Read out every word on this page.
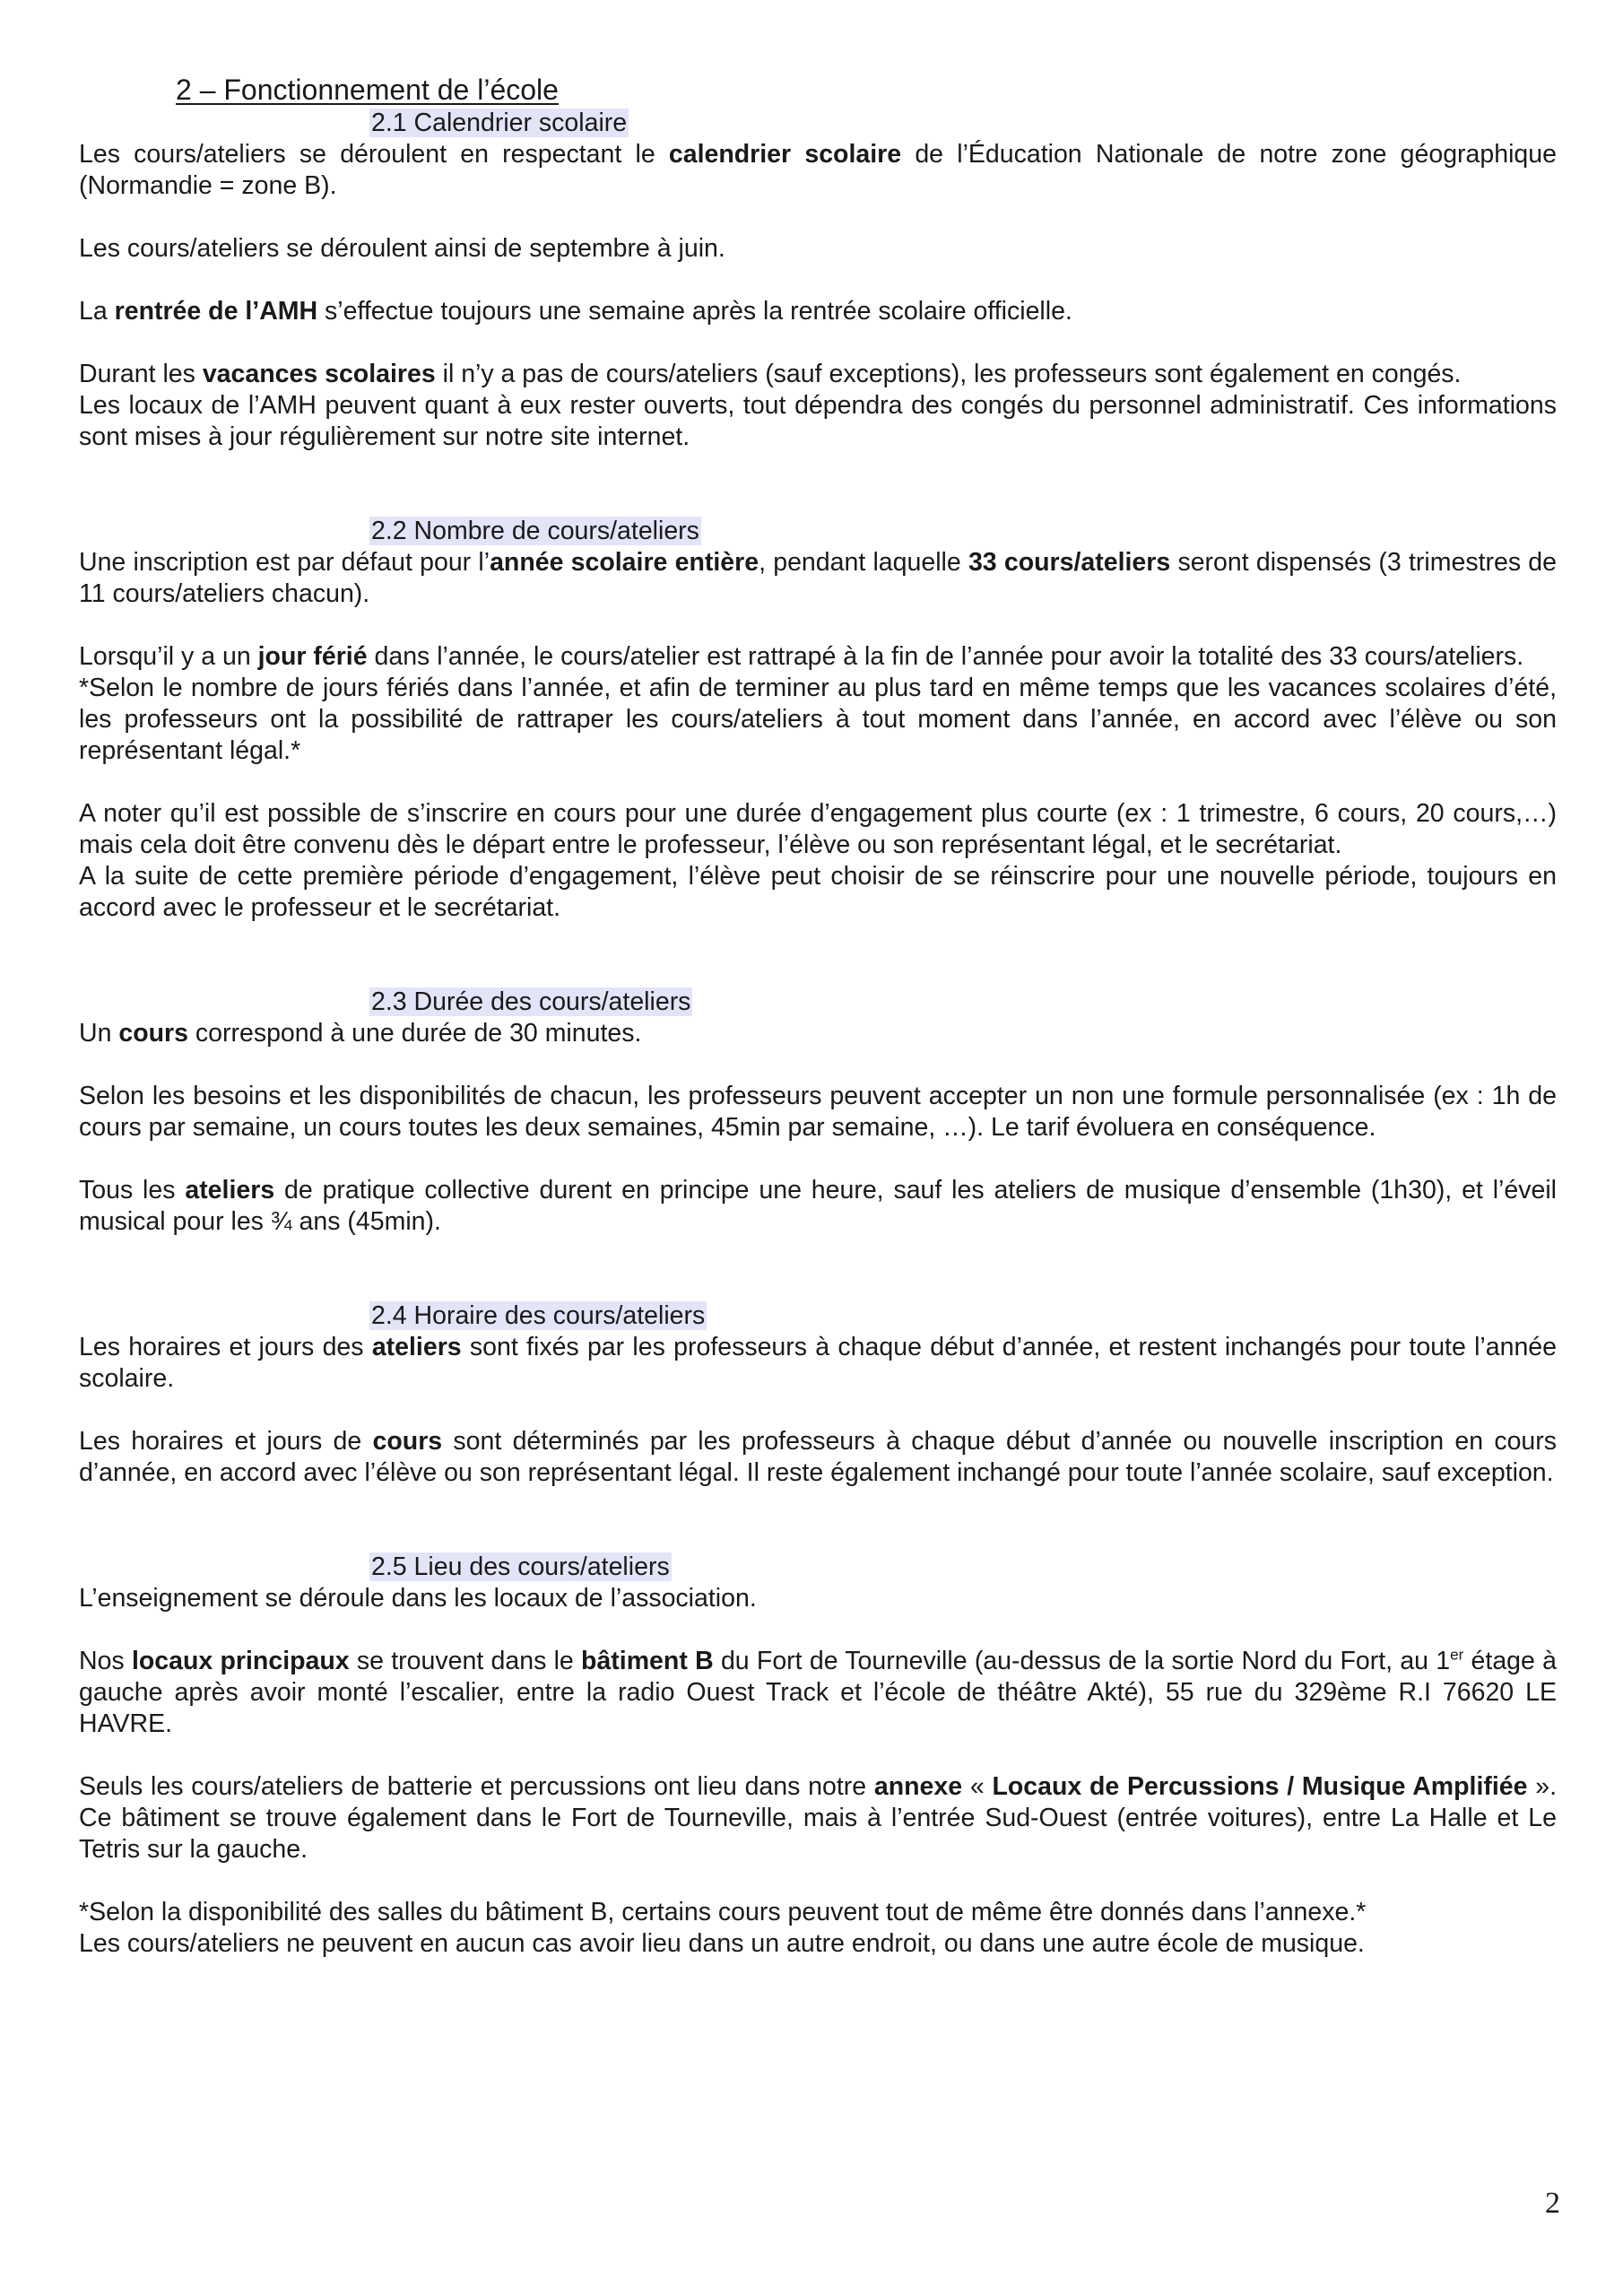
2 – Fonctionnement de l’école
2.1 Calendrier scolaire

Les cours/ateliers se déroulent en respectant le calendrier scolaire de l’Éducation Nationale de notre zone géographique (Normandie = zone B).

Les cours/ateliers se déroulent ainsi de septembre à juin.

La rentrée de l’AMH s’effectue toujours une semaine après la rentrée scolaire officielle.

Durant les vacances scolaires il n’y a pas de cours/ateliers (sauf exceptions), les professeurs sont également en congés.

Les locaux de l’AMH peuvent quant à eux rester ouverts, tout dépendra des congés du personnel administratif. Ces informations sont mises à jour régulièrement sur notre site internet.

2.2 Nombre de cours/ateliers

Une inscription est par défaut pour l’année scolaire entière, pendant laquelle 33 cours/ateliers seront dispensés (3 trimestres de 11 cours/ateliers chacun).

Lorsqu’il y a un jour férié dans l’année, le cours/atelier est rattrapé à la fin de l’année pour avoir la totalité des 33 cours/ateliers.

*Selon le nombre de jours fériés dans l’année, et afin de terminer au plus tard en même temps que les vacances scolaires d’été, les professeurs ont la possibilité de rattraper les cours/ateliers à tout moment dans l’année, en accord avec l’élève ou son représentant légal.*

A noter qu’il est possible de s’inscrire en cours pour une durée d’engagement plus courte (ex : 1 trimestre, 6 cours, 20 cours,…) mais cela doit être convenu dès le départ entre le professeur, l’élève ou son représentant légal, et le secrétariat.

A la suite de cette première période d’engagement, l’élève peut choisir de se réinscrire pour une nouvelle période, toujours en accord avec le professeur et le secrétariat.

2.3 Durée des cours/ateliers

Un cours correspond à une durée de 30 minutes.

Selon les besoins et les disponibilités de chacun, les professeurs peuvent accepter un non une formule personnalisée (ex : 1h de cours par semaine, un cours toutes les deux semaines, 45min par semaine, …). Le tarif évoluera en conséquence.

Tous les ateliers de pratique collective durent en principe une heure, sauf les ateliers de musique d’ensemble (1h30), et l’éveil musical pour les ¾ ans (45min).

2.4 Horaire des cours/ateliers

Les horaires et jours des ateliers sont fixés par les professeurs à chaque début d’année, et restent inchangés pour toute l’année scolaire.

Les horaires et jours de cours sont déterminés par les professeurs à chaque début d’année ou nouvelle inscription en cours d’année, en accord avec l’élève ou son représentant légal. Il reste également inchangé pour toute l’année scolaire, sauf exception.

2.5 Lieu des cours/ateliers

L’enseignement se déroule dans les locaux de l’association.

Nos locaux principaux se trouvent dans le bâtiment B du Fort de Tourneville (au-dessus de la sortie Nord du Fort, au 1er étage à gauche après avoir monté l’escalier, entre la radio Ouest Track et l’école de théâtre Akté), 55 rue du 329ème R.I 76620 LE HAVRE.

Seuls les cours/ateliers de batterie et percussions ont lieu dans notre annexe « Locaux de Percussions / Musique Amplifiée ». Ce bâtiment se trouve également dans le Fort de Tourneville, mais à l’entrée Sud-Ouest (entrée voitures), entre La Halle et Le Tetris sur la gauche.

*Selon la disponibilité des salles du bâtiment B, certains cours peuvent tout de même être donnés dans l’annexe.*

Les cours/ateliers ne peuvent en aucun cas avoir lieu dans un autre endroit, ou dans une autre école de musique.

2
